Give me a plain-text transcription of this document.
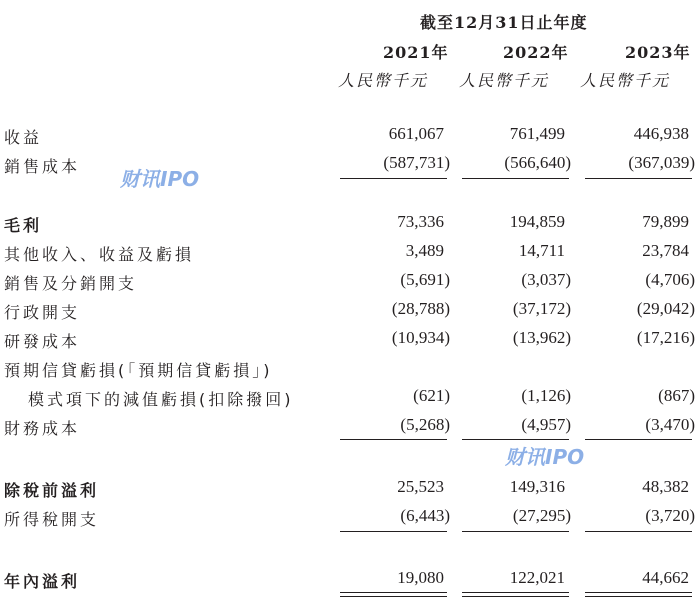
截至12月31日止年度
2021年	2022年	2023年
人民幣千元 人民幣千元 人民幣千元
收益	661,067	761,499	446,938
銷售成本	(587,731)	(566,640)	(367,039)
财讯IPO
毛利	73,336	194,859	79,899
其他收入、收益及虧損	3,489	14,711	23,784
銷售及分銷開支	(5,691)	(3,037)	(4,706)
行政開支	(28,788)	(37,172)	(29,042)
研發成本	(10,934)	(13,962)	(17,216)
預期信貸虧損(「預期信貸虧損」)
模式項下的減值虧損(扣除撥回)	(621)	(1,126)	(867)
財務成本	(5,268)	(4,957)	(3,470)
财讯IPO
除稅前溢利	25,523	149,316	48,382
所得稅開支	(6,443)	(27,295)	(3,720)
年內溢利	19,080	122,021	44,662
